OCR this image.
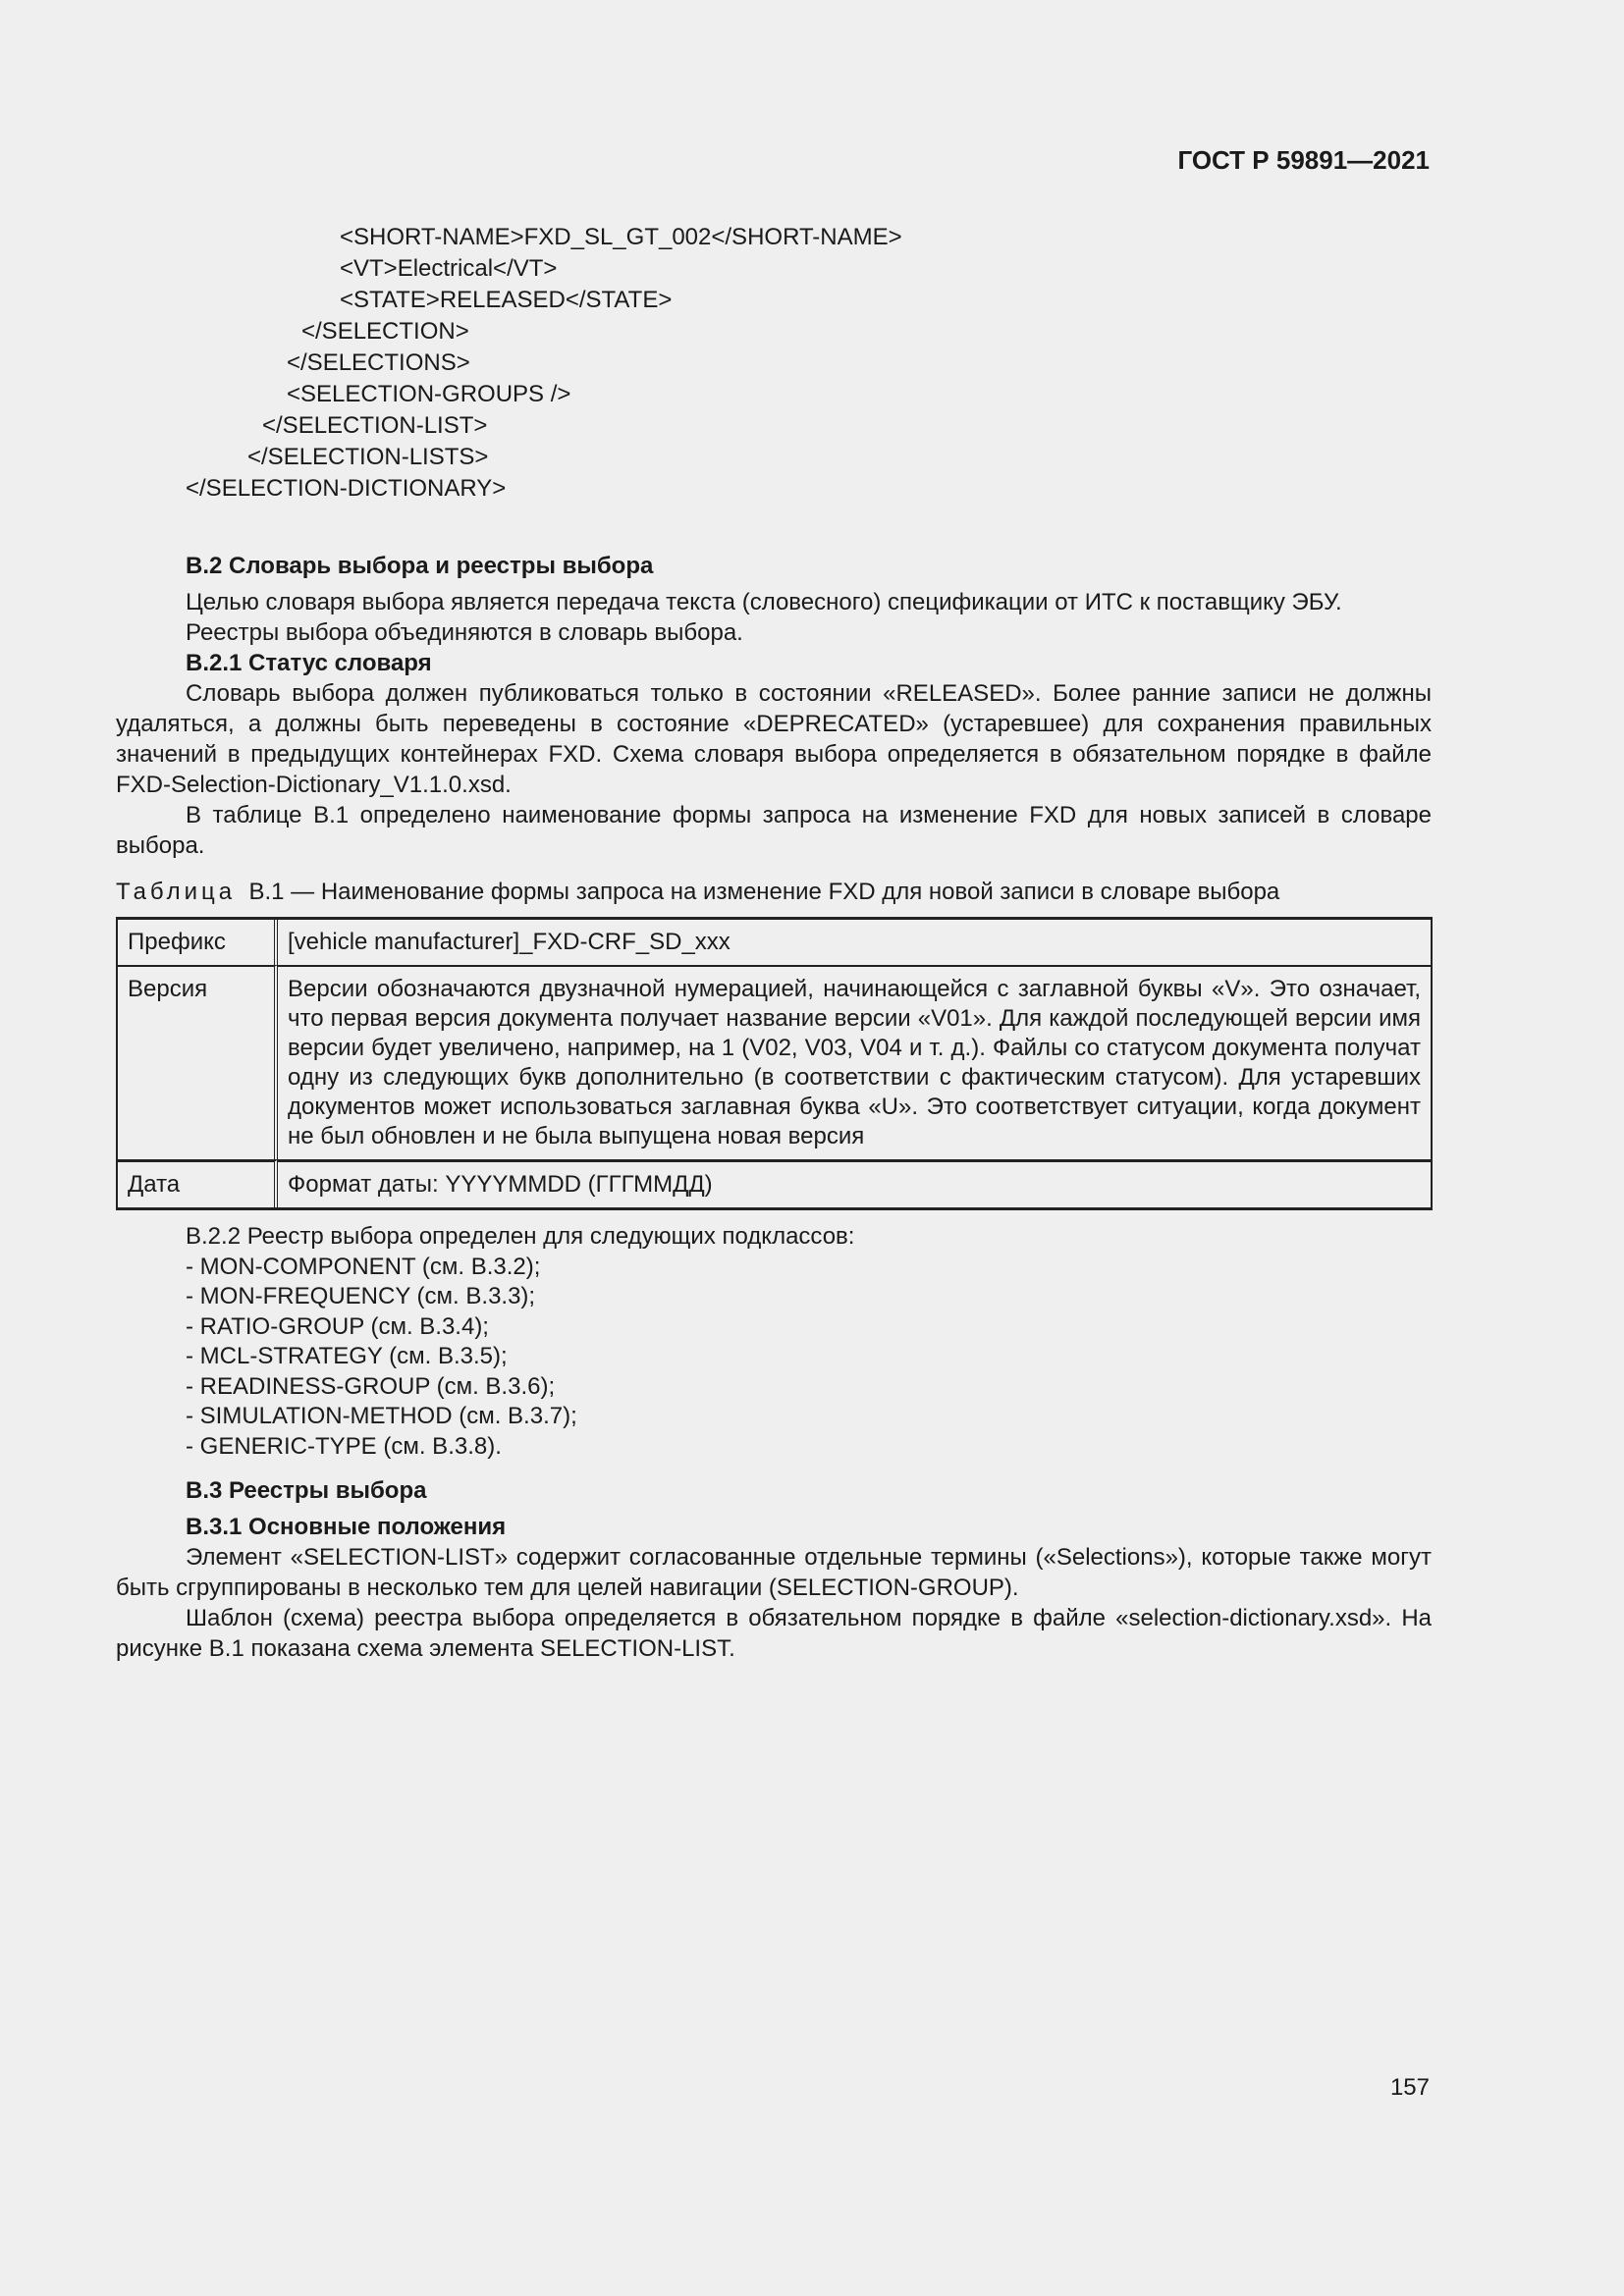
ГОСТ Р 59891—2021
<SHORT-NAME>FXD_SL_GT_002</SHORT-NAME>
<VT>Electrical</VT>
<STATE>RELEASED</STATE>
</SELECTION>
</SELECTIONS>
<SELECTION-GROUPS />
</SELECTION-LIST>
</SELECTION-LISTS>
</SELECTION-DICTIONARY>

В.2 Словарь выбора и реестры выбора

Целью словаря выбора является передача текста (словесного) спецификации от ИТС к поставщику ЭБУ.

Реестры выбора объединяются в словарь выбора.

В.2.1 Статус словаря

Словарь выбора должен публиковаться только в состоянии «RELEASED». Более ранние записи не должны удаляться, а должны быть переведены в состояние «DEPRECATED» (устаревшее) для сохранения правильных значений в предыдущих контейнерах FXD. Схема словаря выбора определяется в обязательном порядке в файле FXD-Selection-Dictionary_V1.1.0.xsd.

В таблице В.1 определено наименование формы запроса на изменение FXD для новых записей в словаре выбора.

Таблица В.1 — Наименование формы запроса на изменение FXD для новой записи в словаре выбора

Префикс	[vehicle manufacturer]_FXD-CRF_SD_xxx
Версия	Версии обозначаются двузначной нумерацией, начинающейся с заглавной буквы «V». Это означает, что первая версия документа получает название версии «V01». Для каждой последующей версии имя версии будет увеличено, например, на 1 (V02, V03, V04 и т. д.). Файлы со статусом документа получат одну из следующих букв дополнительно (в соответствии с фактическим статусом). Для устаревших документов может использоваться заглавная буква «U». Это соответствует ситуации, когда документ не был обновлен и не была выпущена новая версия
Дата	Формат даты: YYYYMMDD (ГГГММДД)
В.2.2 Реестр выбора определен для следующих подклассов:
- MON-COMPONENT (см. В.3.2);
- MON-FREQUENCY (см. В.3.3);
- RATIO-GROUP (см. В.3.4);
- MCL-STRATEGY (см. В.3.5);
- READINESS-GROUP (см. В.3.6);
- SIMULATION-METHOD (см. В.3.7);
- GENERIC-TYPE (см. В.3.8).

В.3 Реестры выбора

В.3.1 Основные положения

Элемент «SELECTION-LIST» содержит согласованные отдельные термины («Selections»), которые также могут быть сгруппированы в несколько тем для целей навигации (SELECTION-GROUP).

Шаблон (схема) реестра выбора определяется в обязательном порядке в файле «selection-dictionary.xsd». На рисунке В.1 показана схема элемента SELECTION-LIST.

157
